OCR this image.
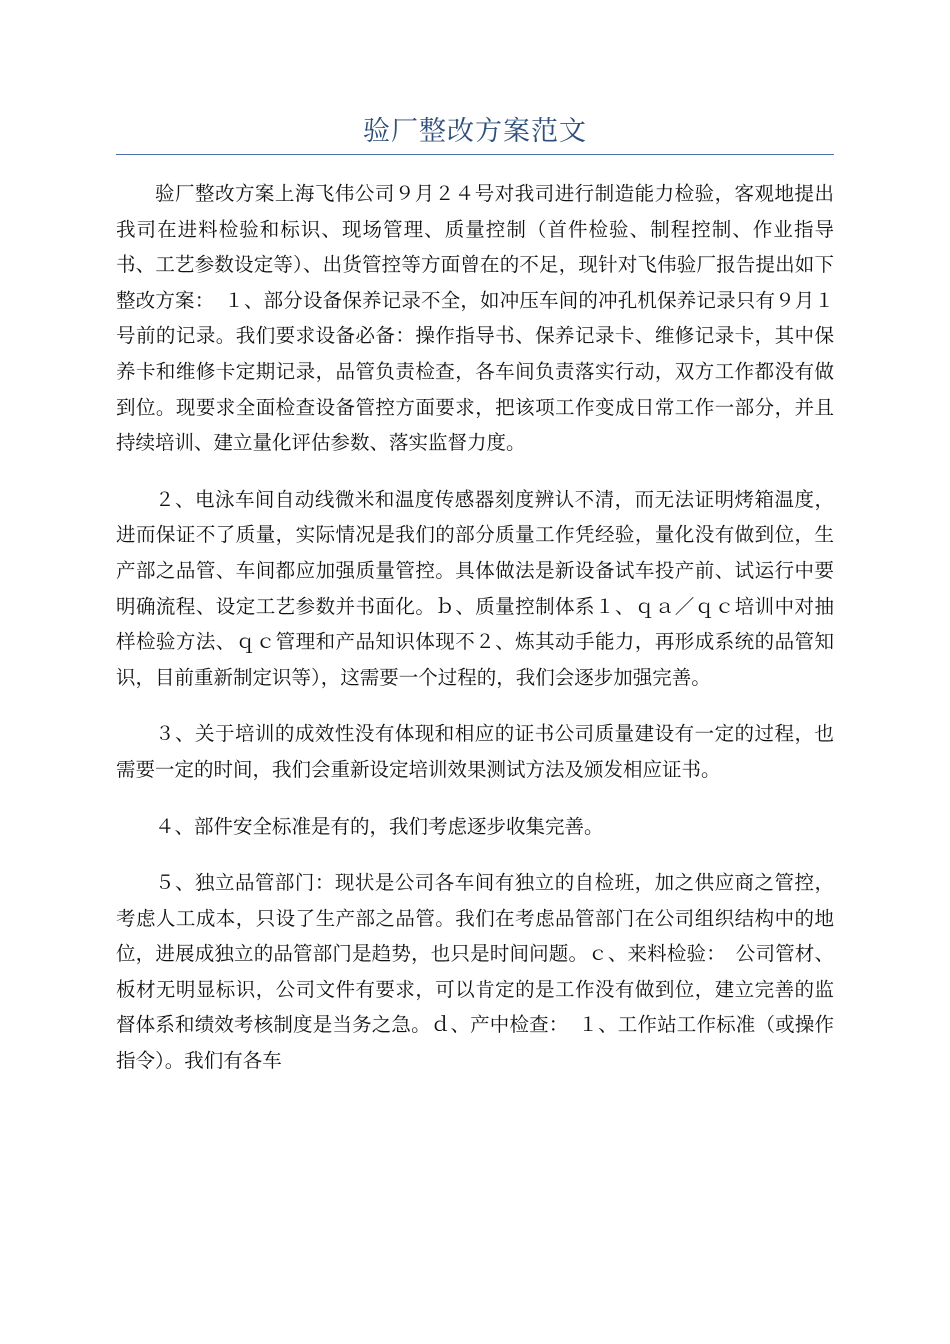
验厂整改方案范文

验厂整改方案上海飞伟公司９月２４号对我司进行制造能力检验，客观地提出我司在进料检验和标识、现场管理、质量控制（首件检验、制程控制、作业指导书、工艺参数设定等）、出货管控等方面曾在的不足，现针对飞伟验厂报告提出如下整改方案：　１、部分设备保养记录不全，如冲压车间的冲孔机保养记录只有９月１号前的记录。我们要求设备必备：操作指导书、保养记录卡、维修记录卡，其中保养卡和维修卡定期记录，品管负责检查，各车间负责落实行动，双方工作都没有做到位。现要求全面检查设备管控方面要求，把该项工作变成日常工作一部分，并且持续培训、建立量化评估参数、落实监督力度。

２、电泳车间自动线微米和温度传感器刻度辨认不清，而无法证明烤箱温度，进而保证不了质量，实际情况是我们的部分质量工作凭经验，量化没有做到位，生产部之品管、车间都应加强质量管控。具体做法是新设备试车投产前、试运行中要明确流程、设定工艺参数并书面化。ｂ、质量控制体系１、ｑａ／ｑｃ培训中对抽样检验方法、ｑｃ管理和产品知识体现不２、炼其动手能力，再形成系统的品管知识，目前重新制定识等），这需要一个过程的，我们会逐步加强完善。

３、关于培训的成效性没有体现和相应的证书公司质量建设有一定的过程，也需要一定的时间，我们会重新设定培训效果测试方法及颁发相应证书。

４、部件安全标准是有的，我们考虑逐步收集完善。

５、独立品管部门：现状是公司各车间有独立的自检班，加之供应商之管控，考虑人工成本，只设了生产部之品管。我们在考虑品管部门在公司组织结构中的地位，进展成独立的品管部门是趋势，也只是时间问题。ｃ、来料检验：　公司管材、板材无明显标识，公司文件有要求，可以肯定的是工作没有做到位，建立完善的监督体系和绩效考核制度是当务之急。ｄ、产中检查：　１、工作站工作标准（或操作指令）。我们有各车
